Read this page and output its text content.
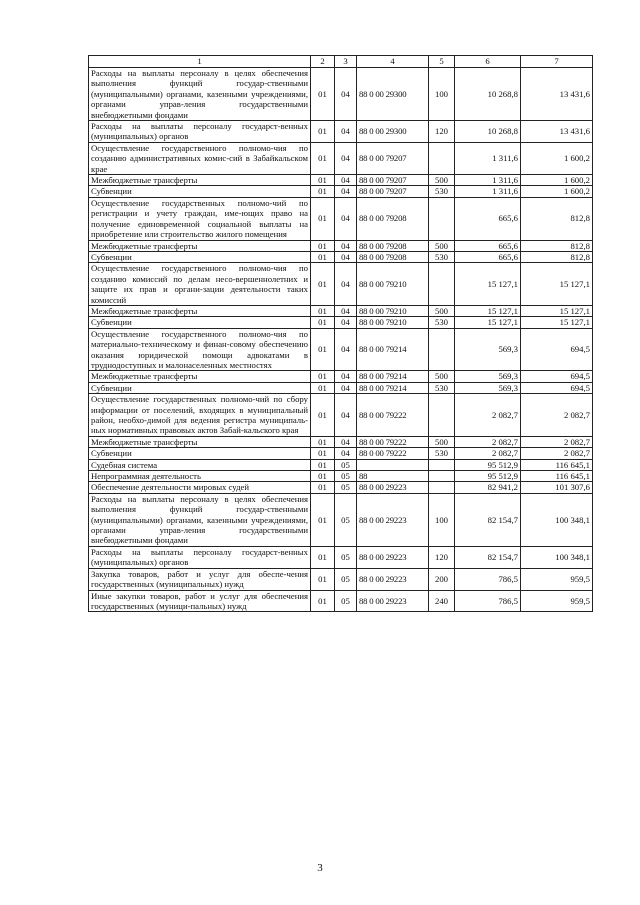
1	2	3	4	5	6	7
Расходы на выплаты персоналу в целях обеспечения выполнения функций государ-ственными (муниципальными) органами, казенными учреждениями, органами управ-ления государственными внебюджетными фондами	01	04	88 0 00 29300	100	10 268,8	13 431,6
Расходы на выплаты персоналу государст-венных (муниципальных) органов	01	04	88 0 00 29300	120	10 268,8	13 431,6
Осуществление государственного полномо-чия по созданию административных комис-сий в Забайкальском крае	01	04	88 0 00 79207		1 311,6	1 600,2
Межбюджетные трансферты	01	04	88 0 00 79207	500	1 311,6	1 600,2
Субвенции	01	04	88 0 00 79207	530	1 311,6	1 600,2
Осуществление государственных полномо-чий по регистрации и учету граждан, име-ющих право на получение единовременной социальной выплаты на приобретение или строительство жилого помещения	01	04	88 0 00 79208		665,6	812,8
Межбюджетные трансферты	01	04	88 0 00 79208	500	665,6	812,8
Субвенции	01	04	88 0 00 79208	530	665,6	812,8
Осуществление государственного полномо-чия по созданию комиссий по делам несо-вершеннолетних и защите их прав и органи-зации деятельности таких комиссий	01	04	88 0 00 79210		15 127,1	15 127,1
Межбюджетные трансферты	01	04	88 0 00 79210	500	15 127,1	15 127,1
Субвенции	01	04	88 0 00 79210	530	15 127,1	15 127,1
Осуществление государственного полномо-чия по материально-техническому и финан-совому обеспечению оказания юридической помощи адвокатами в труднодоступных и малонаселенных местностях	01	04	88 0 00 79214		569,3	694,5
Межбюджетные трансферты	01	04	88 0 00 79214	500	569,3	694,5
Субвенции	01	04	88 0 00 79214	530	569,3	694,5
Осуществление государственных полномо-чий по сбору информации от поселений, входящих в муниципальный район, необхо-димой для ведения регистра муниципаль-ных нормативных правовых актов Забай-кальского края	01	04	88 0 00 79222		2 082,7	2 082,7
Межбюджетные трансферты	01	04	88 0 00 79222	500	2 082,7	2 082,7
Субвенции	01	04	88 0 00 79222	530	2 082,7	2 082,7
Судебная система	01	05			95 512,9	116 645,1
Непрограммная деятельность	01	05	88		95 512,9	116 645,1
Обеспечение деятельности мировых судей	01	05	88 0 00 29223		82 941,2	101 307,6
Расходы на выплаты персоналу в целях обеспечения выполнения функций государ-ственными (муниципальными) органами, казенными учреждениями, органами управ-ления государственными внебюджетными фондами	01	05	88 0 00 29223	100	82 154,7	100 348,1
Расходы на выплаты персоналу государст-венных (муниципальных) органов	01	05	88 0 00 29223	120	82 154,7	100 348,1
Закупка товаров, работ и услуг для обеспе-чения государственных (муниципальных) нужд	01	05	88 0 00 29223	200	786,5	959,5
Иные закупки товаров, работ и услуг для обеспечения государственных (муници-пальных) нужд	01	05	88 0 00 29223	240	786,5	959,5
3
